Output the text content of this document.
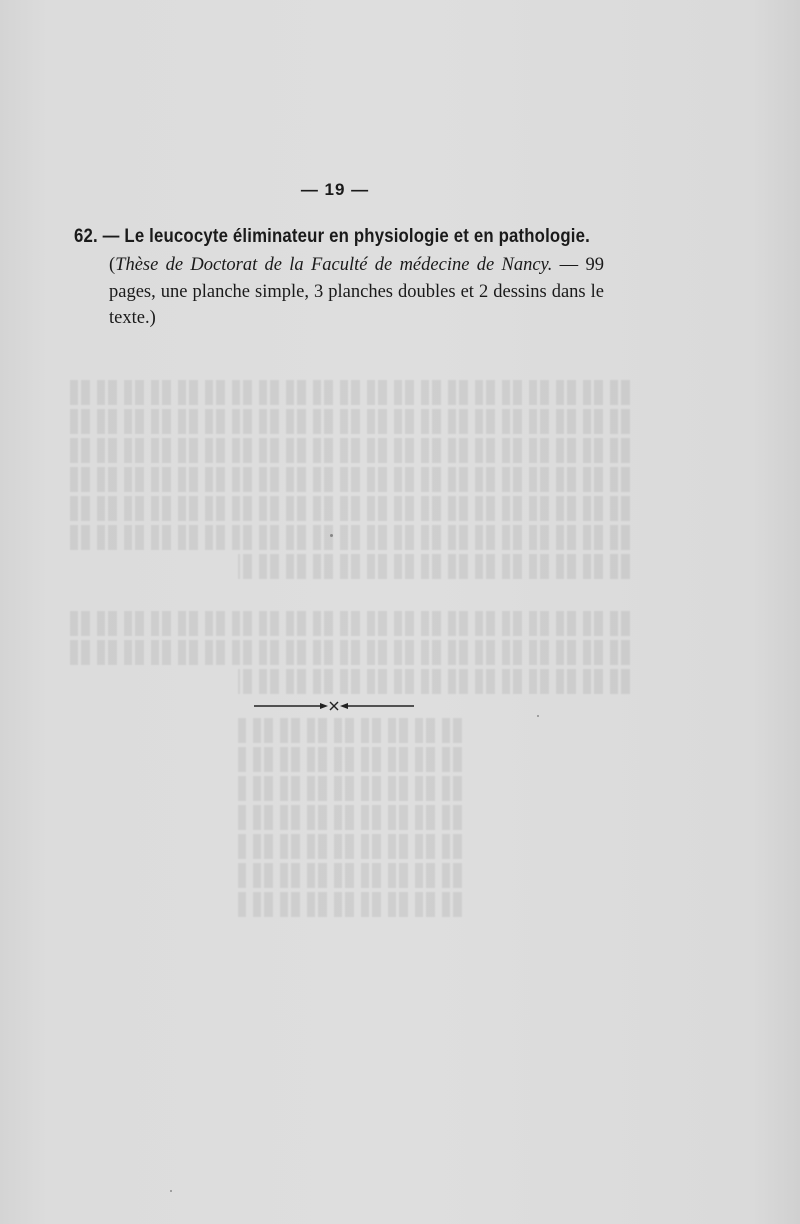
— 19 —
62. — Le leucocyte éliminateur en physiologie et en pathologie.
(Thèse de Doctorat de la Faculté de médecine de Nancy. — 99 pages, une planche simple, 3 planches doubles et 2 dessins dans le texte.)
